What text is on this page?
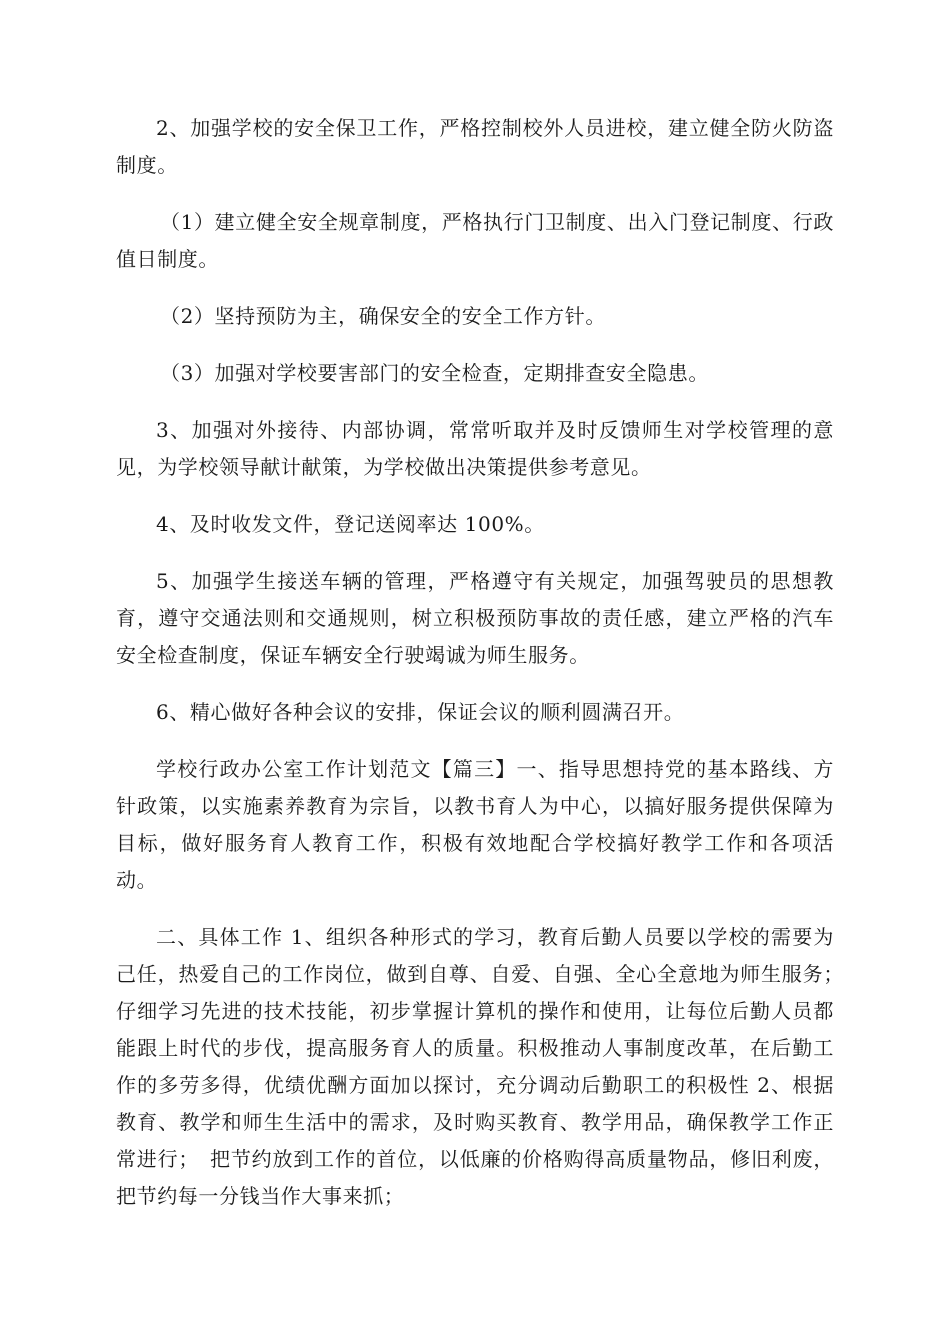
2、加强学校的安全保卫工作，严格控制校外人员进校，建立健全防火防盗制度。

（1）建立健全安全规章制度，严格执行门卫制度、出入门登记制度、行政值日制度。

（2）坚持预防为主，确保安全的安全工作方针。

（3）加强对学校要害部门的安全检查，定期排查安全隐患。

3、加强对外接待、内部协调，常常听取并及时反馈师生对学校管理的意见，为学校领导献计献策，为学校做出决策提供参考意见。

4、及时收发文件，登记送阅率达 100%。

5、加强学生接送车辆的管理，严格遵守有关规定，加强驾驶员的思想教育，遵守交通法则和交通规则，树立积极预防事故的责任感，建立严格的汽车安全检查制度，保证车辆安全行驶竭诚为师生服务。

6、精心做好各种会议的安排，保证会议的顺利圆满召开。

学校行政办公室工作计划范文【篇三】一、指导思想持党的基本路线、方针政策，以实施素养教育为宗旨，以教书育人为中心，以搞好服务提供保障为目标，做好服务育人教育工作，积极有效地配合学校搞好教学工作和各项活动。

二、具体工作 1、组织各种形式的学习，教育后勤人员要以学校的需要为己任，热爱自己的工作岗位，做到自尊、自爱、自强、全心全意地为师生服务；　仔细学习先进的技术技能，初步掌握计算机的操作和使用，让每位后勤人员都能跟上时代的步伐，提高服务育人的质量。积极推动人事制度改革，在后勤工作的多劳多得，优绩优酬方面加以探讨，充分调动后勤职工的积极性 2、根据教育、教学和师生生活中的需求，及时购买教育、教学用品，确保教学工作正常进行；　把节约放到工作的首位，以低廉的价格购得高质量物品，修旧利废，把节约每一分钱当作大事来抓；
